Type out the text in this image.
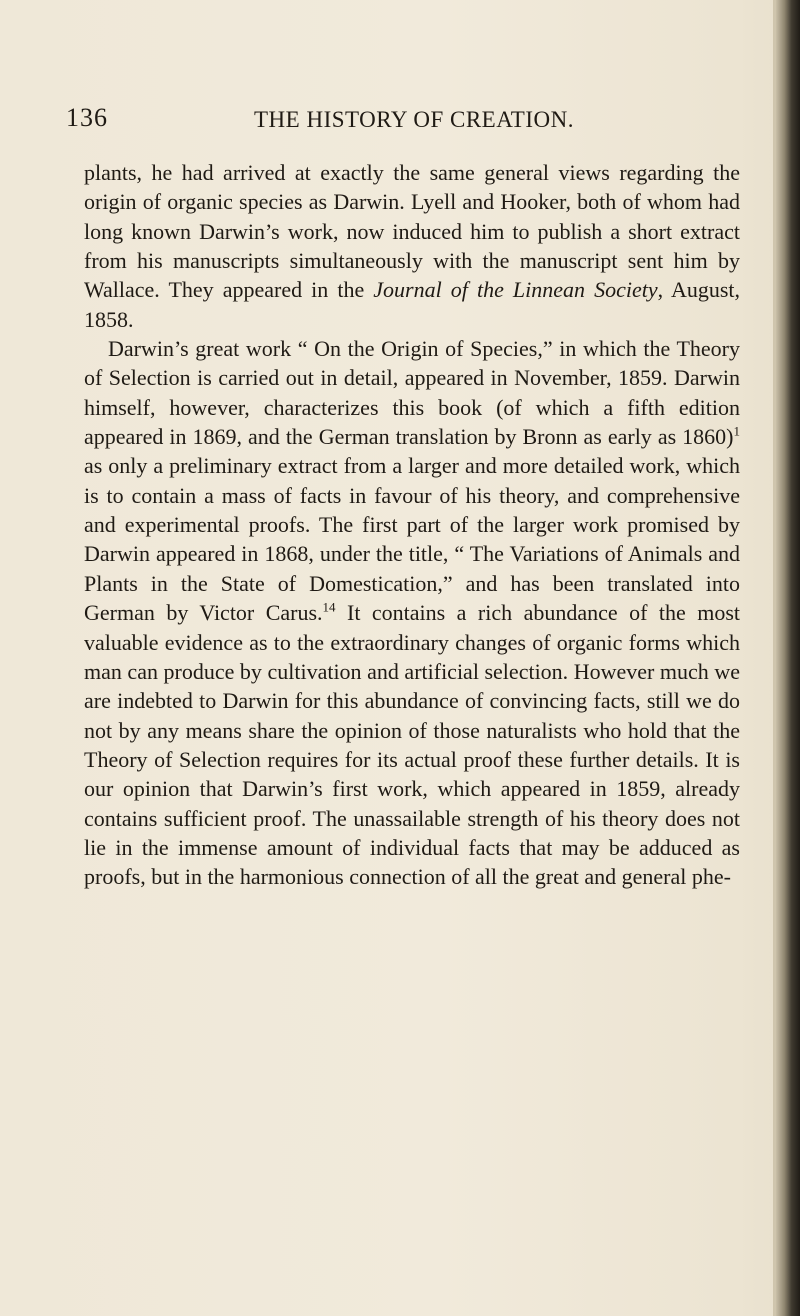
136	THE HISTORY OF CREATION.

plants, he had arrived at exactly the same general views regarding the origin of organic species as Darwin. Lyell and Hooker, both of whom had long known Darwin’s work, now induced him to publish a short extract from his manuscripts simultaneously with the manuscript sent him by Wallace. They appeared in the Journal of the Linnean Society, August, 1858.

Darwin’s great work “ On the Origin of Species,” in which the Theory of Selection is carried out in detail, appeared in November, 1859. Darwin himself, however, characterizes this book (of which a fifth edition appeared in 1869, and the German translation by Bronn as early as 1860)$^1$ as only a preliminary extract from a larger and more detailed work, which is to contain a mass of facts in favour of his theory, and comprehensive and experimental proofs. The first part of the larger work promised by Darwin appeared in 1868, under the title, “ The Variations of Animals and Plants in the State of Domestication,” and has been translated into German by Victor Carus.$^{14}$ It contains a rich abundance of the most valuable evidence as to the extraordinary changes of organic forms which man can produce by cultivation and artificial selection. However much we are indebted to Darwin for this abundance of convincing facts, still we do not by any means share the opinion of those naturalists who hold that the Theory of Selection requires for its actual proof these further details. It is our opinion that Darwin’s first work, which appeared in 1859, already contains sufficient proof. The unassailable strength of his theory does not lie in the immense amount of individual facts that may be adduced as proofs, but in the harmonious connection of all the great and general phe-
